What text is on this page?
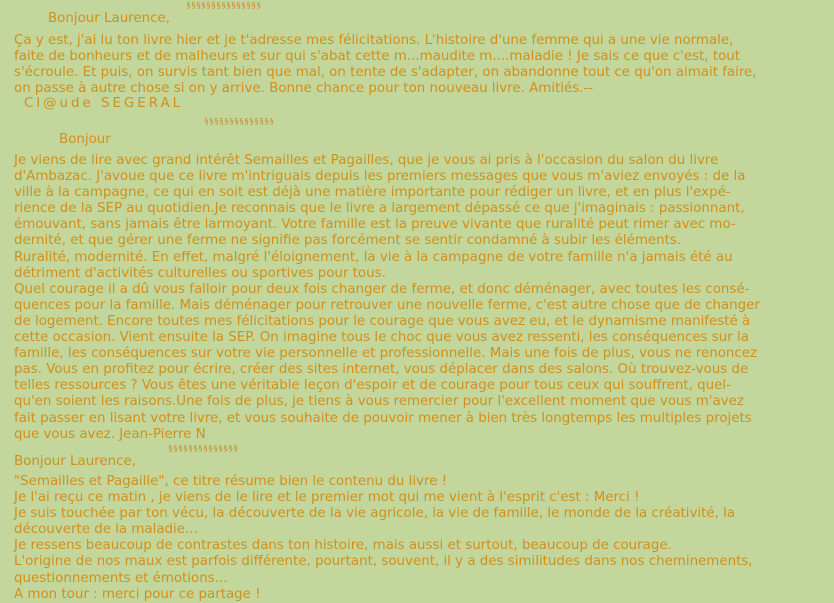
§§§§§§§§§§§§§§§
Bonjour Laurence,

Ça y est, j'ai lu ton livre hier et je t'adresse mes félicitations. L'histoire d'une femme qui a une vie normale,

faite de bonheurs et de malheurs et sur qui s'abat cette m...maudite m....maladie ! Je sais ce que c'est, tout

s'écroule. Et puis, on survis tant bien que mal, on tente de s'adapter, on abandonne tout ce qu'on aimait faire,

on passe à autre chose si on y arrive. Bonne chance pour ton nouveau livre. Amitiés.--

Cl@ude SEGERAL
§§§§§§§§§§§§§§
Bonjour

Je viens de lire avec grand intérêt Semailles et Pagailles, que je vous ai pris à l'occasion du salon du livre

d'Ambazac. J'avoue que ce livre m'intriguais depuis les premiers messages que vous m'aviez envoyés : de la

ville à la campagne, ce qui en soit est déjà une matière importante pour rédiger un livre, et en plus l'expé-

rience de la SEP au quotidien.Je reconnais que le livre a largement dépassé ce que j'imaginais : passionnant,

émouvant, sans jamais être larmoyant. Votre famille est la preuve vivante que ruralité peut rimer avec mo-

dernité, et que gérer une ferme ne signifie pas forcément se sentir condamné à subir les éléments.

Ruralité, modernité. En effet, malgré l'éloignement, la vie à la campagne de votre famille n'a jamais été au

détriment d'activités culturelles ou sportives pour tous.

Quel courage il a dû vous falloir pour deux fois changer de ferme, et donc déménager, avec toutes les consé-

quences pour la famille. Mais déménager pour retrouver une nouvelle ferme, c'est autre chose que de changer

de logement. Encore toutes mes félicitations pour le courage que vous avez eu, et le dynamisme manifesté à

cette occasion. Vient ensuite la SEP. On imagine tous le choc que vous avez ressenti, les conséquences sur la

famille, les conséquences sur votre vie personnelle et professionnelle. Mais une fois de plus, vous ne renoncez

pas. Vous en profitez pour écrire, créer des sites internet, vous déplacer dans des salons. Où trouvez-vous de

telles ressources ? Vous êtes une véritable leçon d'espoir et de courage pour tous ceux qui souffrent, quel-

qu'en soient les raisons.Une fois de plus, je tiens à vous remercier pour l'excellent moment que vous m'avez

fait passer en lisant votre livre, et vous souhaite de pouvoir mener à bien très longtemps les multiples projets

que vous avez. Jean-Pierre N

§§§§§§§§§§§§§§
Bonjour Laurence,

"Semailles et Pagaille", ce titre résume bien le contenu du livre !

Je l'ai reçu ce matin , je viens de le lire et le premier mot qui me vient à l'esprit c'est : Merci !

Je suis touchée par ton vécu, la découverte de la vie agricole, la vie de famille, le monde de la créativité, la

découverte de la maladie...

Je ressens beaucoup de contrastes dans ton histoire, mais aussi et surtout, beaucoup de courage.

L'origine de nos maux est parfois différente, pourtant, souvent, il y a des similitudes dans nos cheminements,

questionnements et émotions...

A mon tour : merci pour ce partage !
